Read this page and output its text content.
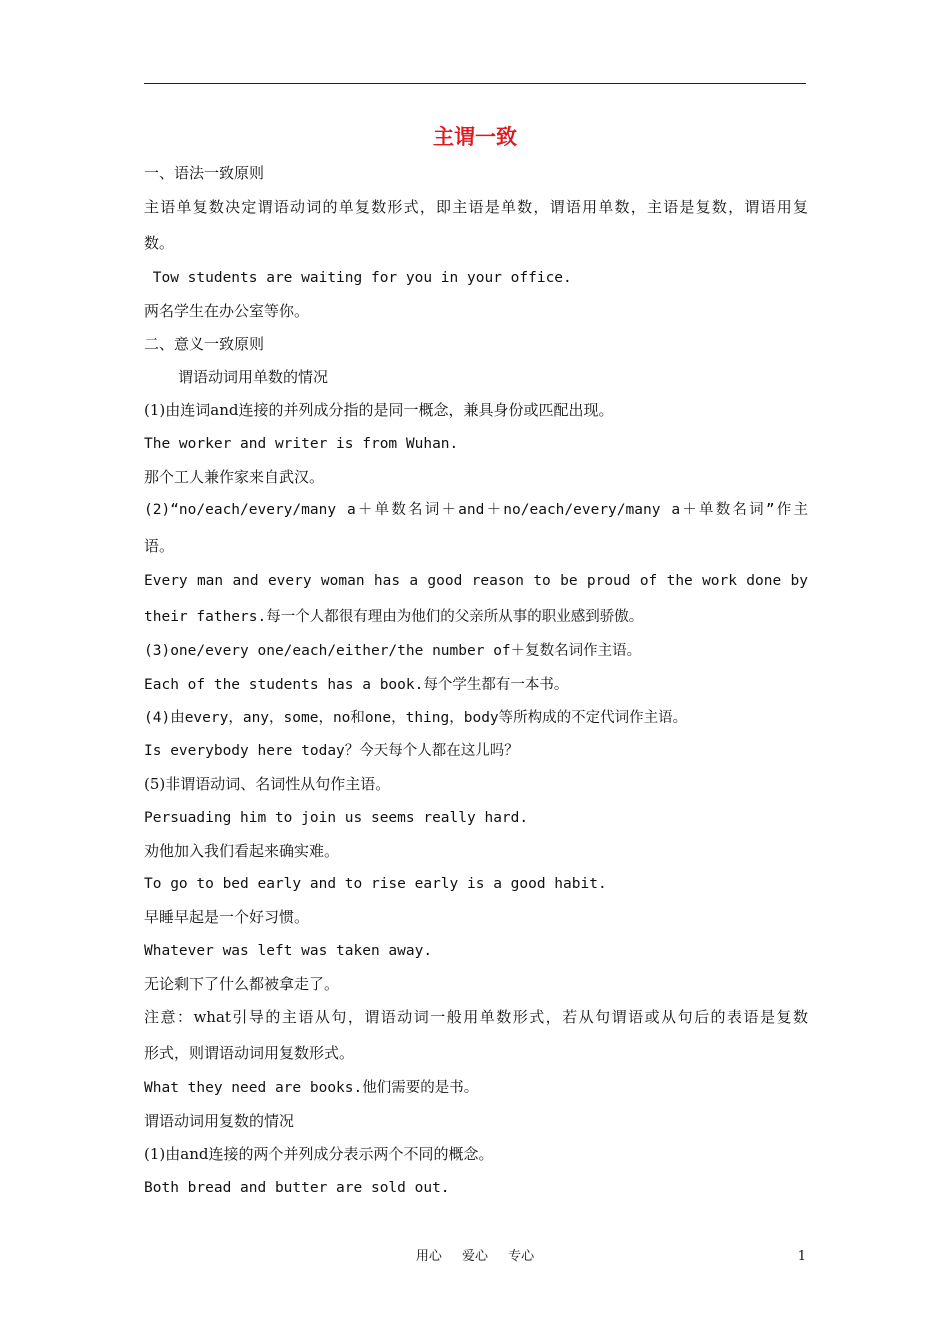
主谓一致
一、语法一致原则
主语单复数决定谓语动词的单复数形式，即主语是单数，谓语用单数，主语是复数，谓语用复
数。
Tow students are waiting for you in your office.
两名学生在办公室等你。
二、意义一致原则
谓语动词用单数的情况
(1)由连词and连接的并列成分指的是同一概念，兼具身份或匹配出现。
The worker and writer is from Wuhan.
那个工人兼作家来自武汉。
(2)“no/each/every/many a＋单数名词＋and＋no/each/every/many a＋单数名词”作主
语。
Every man and every woman has a good reason to be proud of the work done by
their fathers.每一个人都很有理由为他们的父亲所从事的职业感到骄傲。
(3)one/every one/each/either/the number of＋复数名词作主语。
Each of the students has a book.每个学生都有一本书。
(4)由every，any，some，no和one，thing，body等所构成的不定代词作主语。
Is everybody here today？今天每个人都在这儿吗？
(5)非谓语动词、名词性从句作主语。
Persuading him to join us seems really hard.
劝他加入我们看起来确实难。
To go to bed early and to rise early is a good habit.
早睡早起是一个好习惯。
Whatever was left was taken away.
无论剩下了什么都被拿走了。
注意：what引导的主语从句，谓语动词一般用单数形式，若从句谓语或从句后的表语是复数
形式，则谓语动词用复数形式。
What they need are books.他们需要的是书。
谓语动词用复数的情况
(1)由and连接的两个并列成分表示两个不同的概念。
Both bread and butter are sold out.
用心 爱心 专心	1
